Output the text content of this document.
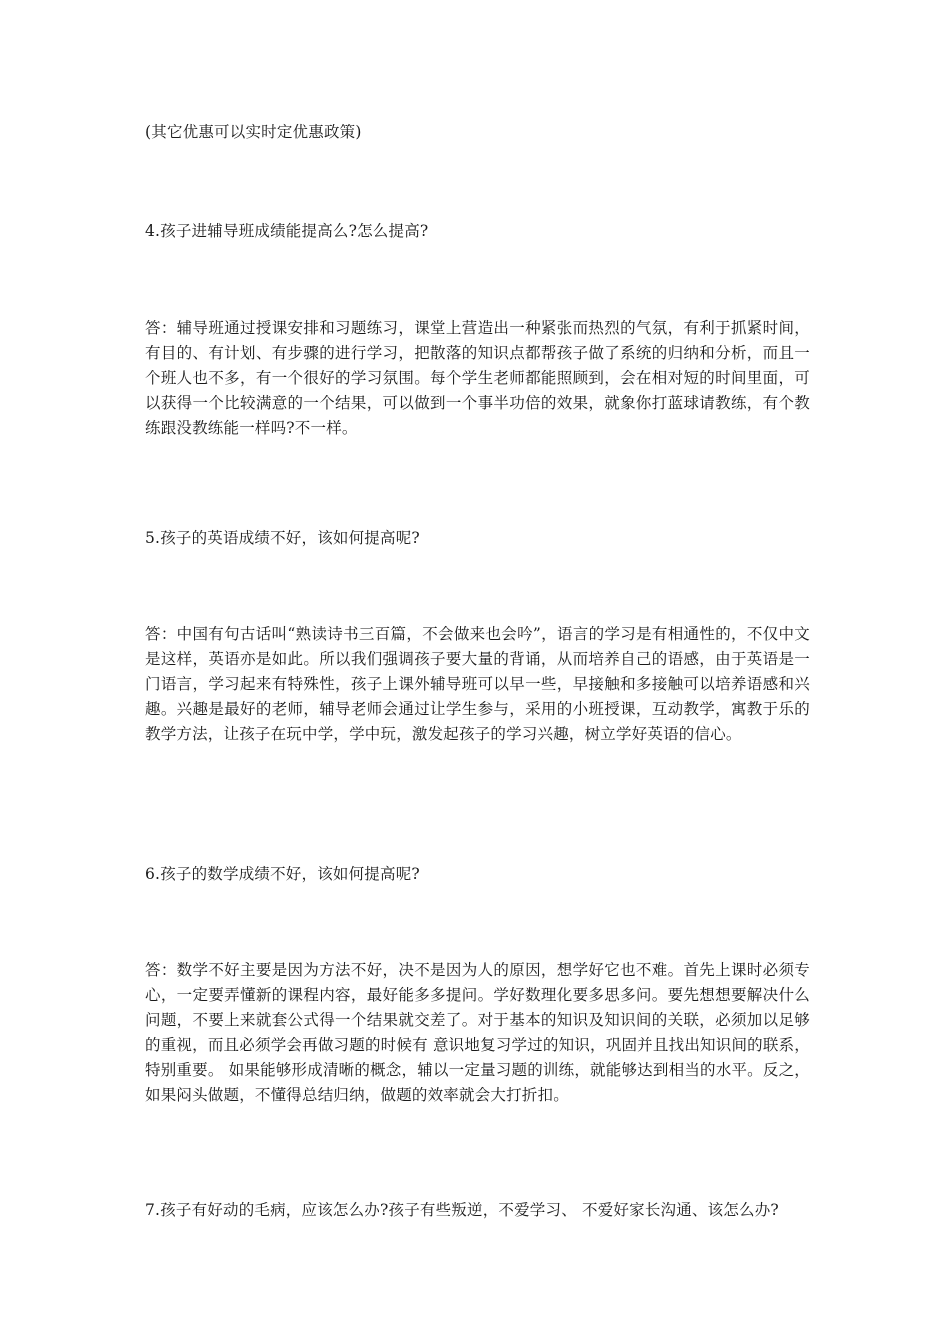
(其它优惠可以实时定优惠政策)

4.孩子进辅导班成绩能提高么?怎么提高?

答：辅导班通过授课安排和习题练习，课堂上营造出一种紧张而热烈的气氛，有利于抓紧时间，有目的、有计划、有步骤的进行学习，把散落的知识点都帮孩子做了系统的归纳和分析，而且一个班人也不多，有一个很好的学习氛围。每个学生老师都能照顾到，会在相对短的时间里面，可以获得一个比较满意的一个结果，可以做到一个事半功倍的效果，就象你打蓝球请教练，有个教练跟没教练能一样吗?不一样。

5.孩子的英语成绩不好，该如何提高呢?

答：中国有句古话叫“熟读诗书三百篇，不会做来也会吟”，语言的学习是有相通性的，不仅中文是这样，英语亦是如此。所以我们强调孩子要大量的背诵，从而培养自己的语感，由于英语是一门语言，学习起来有特殊性，孩子上课外辅导班可以早一些，早接触和多接触可以培养语感和兴趣。兴趣是最好的老师，辅导老师会通过让学生参与，采用的小班授课，互动教学，寓教于乐的教学方法，让孩子在玩中学，学中玩，激发起孩子的学习兴趣，树立学好英语的信心。

6.孩子的数学成绩不好，该如何提高呢?

答：数学不好主要是因为方法不好，决不是因为人的原因，想学好它也不难。首先上课时必须专心，一定要弄懂新的课程内容，最好能多多提问。学好数理化要多思多问。要先想想要解决什么问题，不要上来就套公式得一个结果就交差了。对于基本的知识及知识间的关联，必须加以足够的重视，而且必须学会再做习题的时候有 意识地复习学过的知识，巩固并且找出知识间的联系，特别重要。 如果能够形成清晰的概念，辅以一定量习题的训练，就能够达到相当的水平。反之，如果闷头做题，不懂得总结归纳，做题的效率就会大打折扣。

7.孩子有好动的毛病，应该怎么办?孩子有些叛逆，不爱学习、 不爱好家长沟通、该怎么办?
